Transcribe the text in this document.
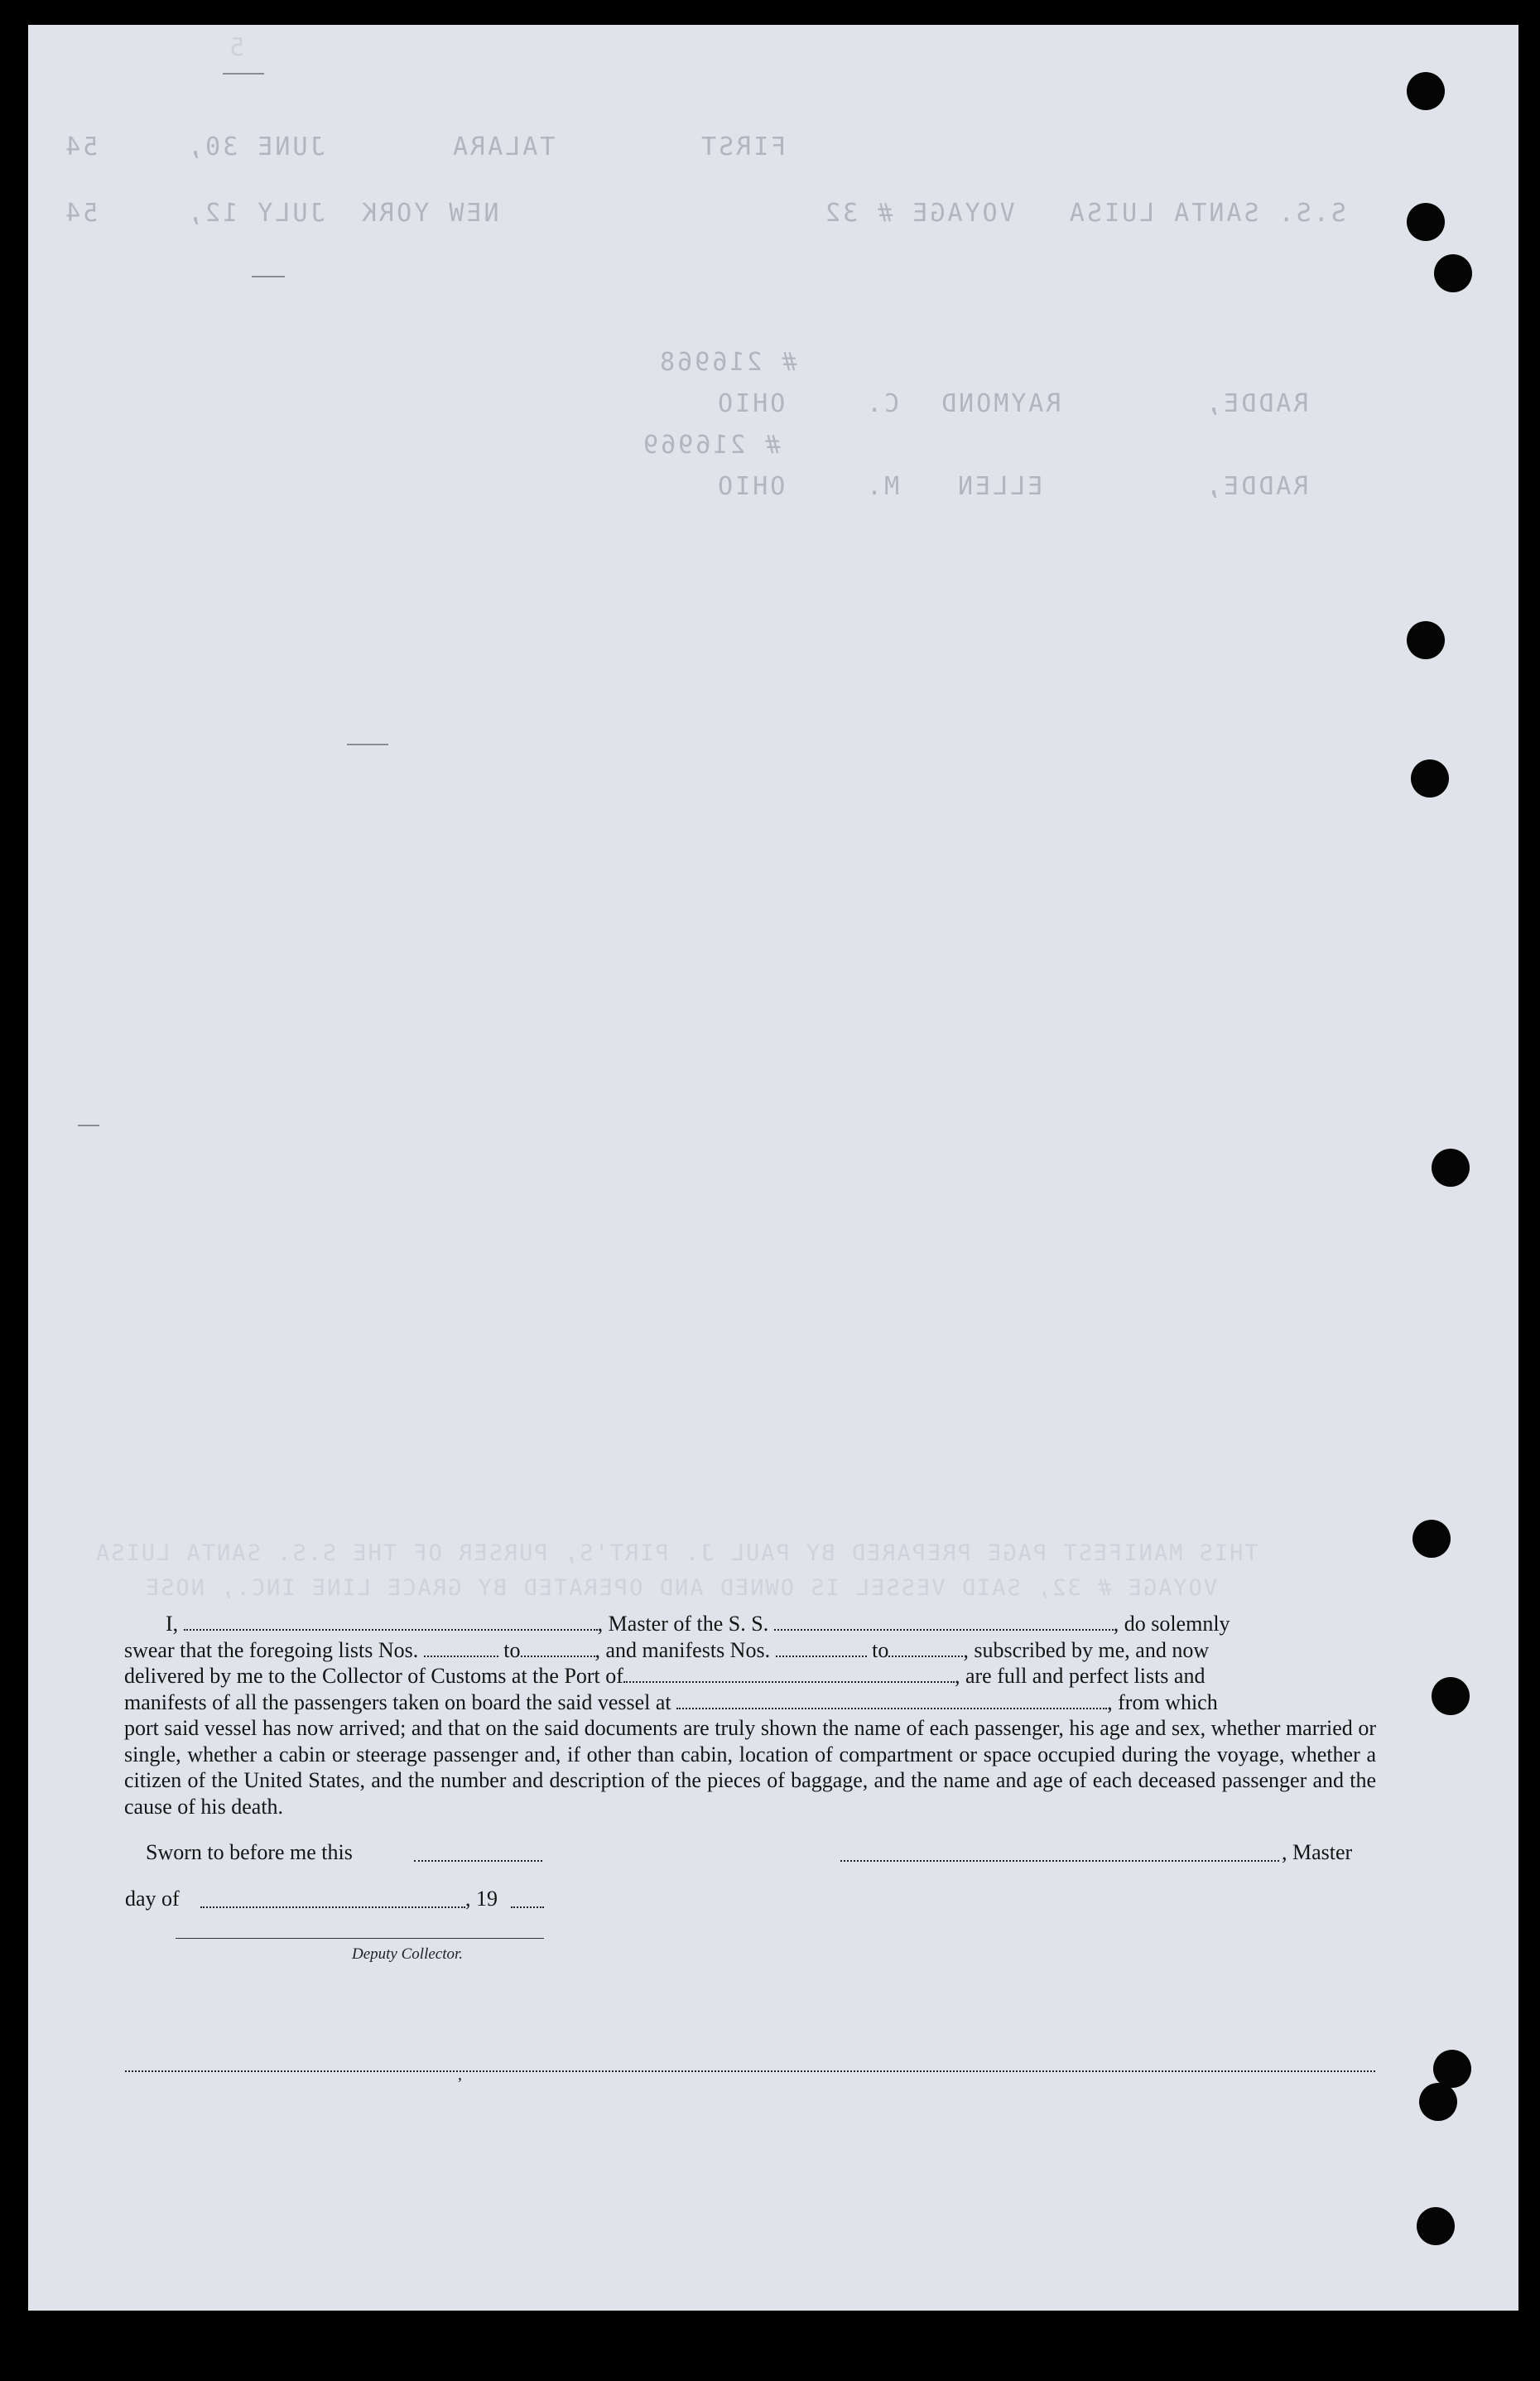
5
54	JUNE 30,	TALARA	FIRST
54	JULY 12, NEW YORK	S.S. SANTA LUISA   VOYAGE # 32
# 216968
RADDE,
RAYMOND
C.
OHIO
# 216969
RADDE,
ELLEN
M.
OHIO
THIS MANIFEST PAGE PREPARED BY PAUL J. PIRT'S, PURSER OF THE S.S. SANTA LUISA
VOYAGE # 32, SAID VESSEL IS OWNED AND OPERATED BY GRACE LINE INC., NOSE
I,	, Master of the S. S.	, do solemnly
swear that the foregoing lists Nos.	to	, and manifests Nos.	to	, subscribed by me, and now
delivered by me to the Collector of Customs at the Port of	, are full and perfect lists and
manifests of all the passengers taken on board the said vessel at	, from which
port said vessel has now arrived; and that on the said documents are truly shown the name of each passenger, his age and sex, whether married or single, whether a cabin or steerage passenger and, if other than cabin, location of compartment or space occupied during the voyage, whether a citizen of the United States, and the number and description of the pieces of baggage, and the name and age of each deceased passenger and the cause of his death.
Sworn to before me this	, Master
day of	, 19
Deputy Collector.
,
